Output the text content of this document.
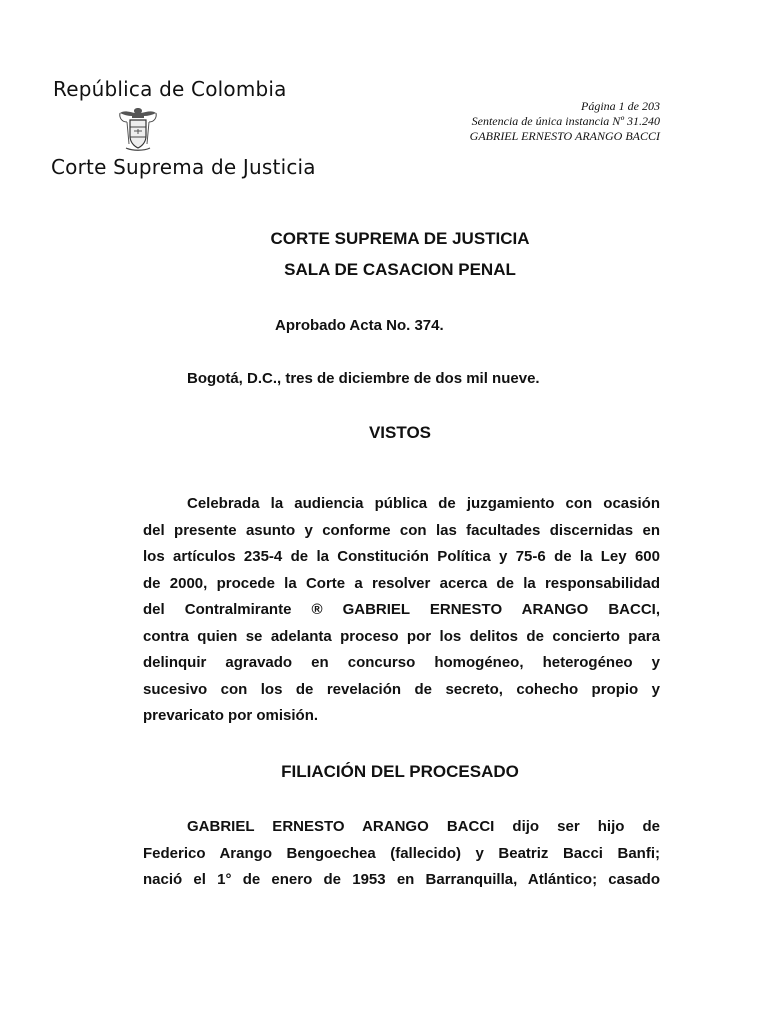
República de Colombia
Corte Suprema de Justicia
Página 1 de 203
Sentencia de única instancia Nº 31.240
GABRIEL ERNESTO ARANGO BACCI
CORTE SUPREMA DE JUSTICIA
SALA DE CASACION PENAL
Aprobado Acta No. 374.
Bogotá, D.C., tres de diciembre de dos mil nueve.
VISTOS
Celebrada la audiencia pública de juzgamiento con ocasión
del presente asunto y conforme con las facultades discernidas en
los artículos 235-4 de la Constitución Política y 75-6 de la Ley 600
de 2000, procede la Corte a resolver acerca de la responsabilidad
del Contralmirante ® GABRIEL ERNESTO ARANGO BACCI,
contra quien se adelanta proceso por los delitos de concierto para
delinquir agravado en concurso homogéneo, heterogéneo y
sucesivo con los de revelación de secreto, cohecho propio y
prevaricato por omisión.
FILIACIÓN DEL PROCESADO
GABRIEL ERNESTO ARANGO BACCI dijo ser hijo de
Federico Arango Bengoechea (fallecido) y Beatriz Bacci Banfi;
nació el 1° de enero de 1953 en Barranquilla, Atlántico; casado
